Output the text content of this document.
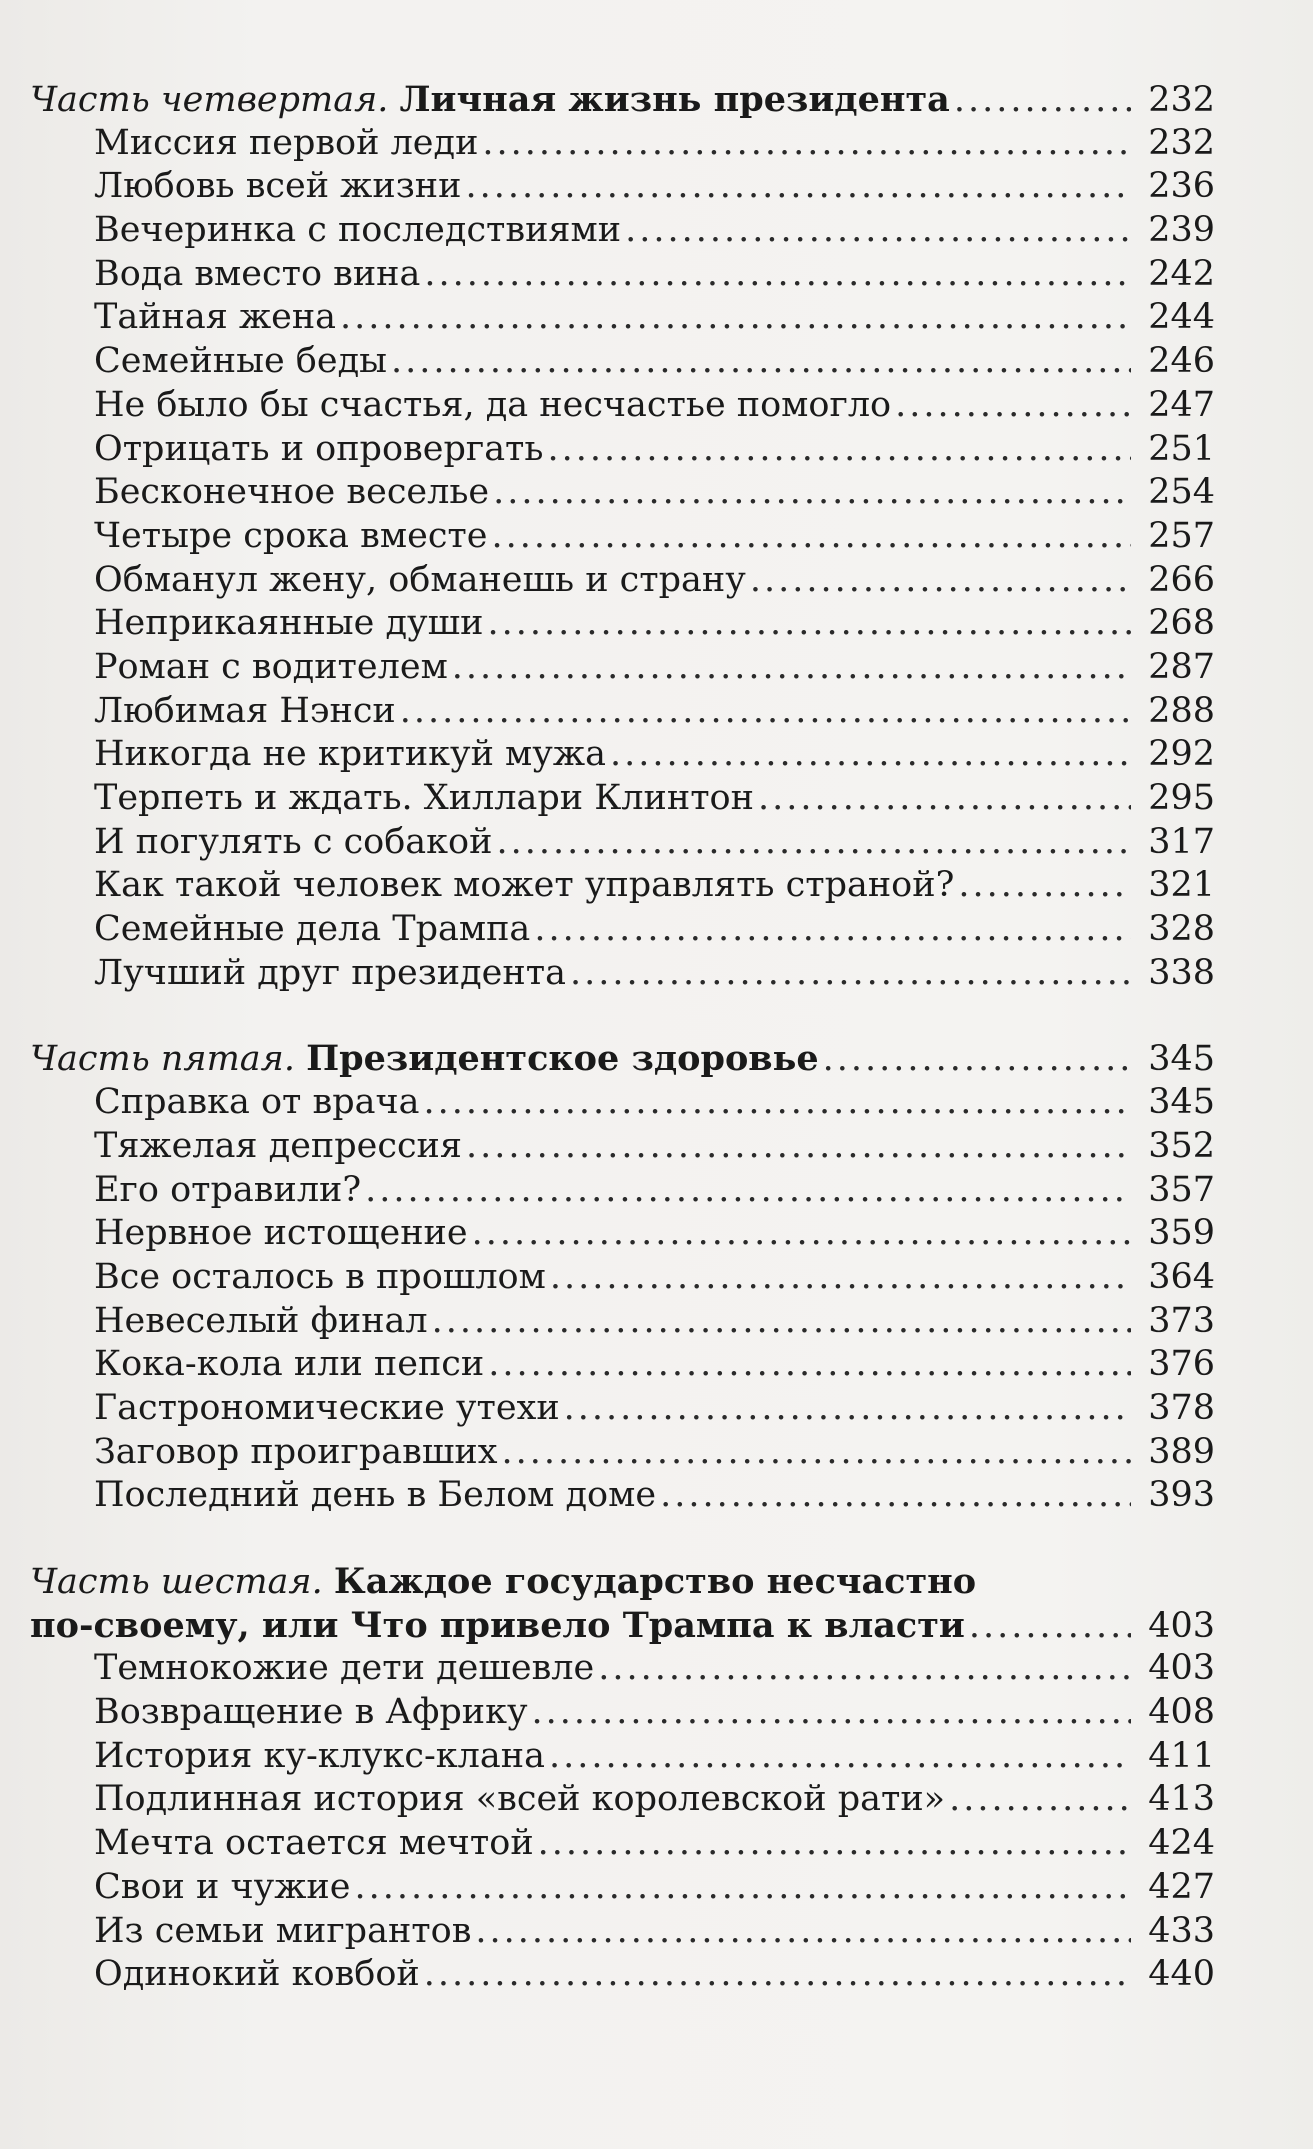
Часть четвертая. Личная жизнь президента .....	232
Миссия первой леди .....	232
Любовь всей жизни .....	236
Вечеринка с последствиями .....	239
Вода вместо вина .....	242
Тайная жена .....	244
Семейные беды .....	246
Не было бы счастья, да несчастье помогло .....	247
Отрицать и опровергать .....	251
Бесконечное веселье .....	254
Четыре срока вместе .....	257
Обманул жену, обманешь и страну .....	266
Неприкаянные души .....	268
Роман с водителем .....	287
Любимая Нэнси .....	288
Никогда не критикуй мужа .....	292
Терпеть и ждать. Хиллари Клинтон .....	295
И погулять с собакой .....	317
Как такой человек может управлять страной? .....	321
Семейные дела Трампа .....	328
Лучший друг президента .....	338
Часть пятая. Президентское здоровье .....	345
Справка от врача .....	345
Тяжелая депрессия .....	352
Его отравили? .....	357
Нервное истощение .....	359
Все осталось в прошлом .....	364
Невеселый финал .....	373
Кока-кола или пепси .....	376
Гастрономические утехи .....	378
Заговор проигравших .....	389
Последний день в Белом доме .....	393
Часть шестая. Каждое государство несчастно
по-своему, или Что привело Трампа к власти .....	403
Темнокожие дети дешевле .....	403
Возвращение в Африку .....	408
История ку-клукс-клана .....	411
Подлинная история «всей королевской рати» .....	413
Мечта остается мечтой .....	424
Свои и чужие .....	427
Из семьи мигрантов .....	433
Одинокий ковбой .....	440
